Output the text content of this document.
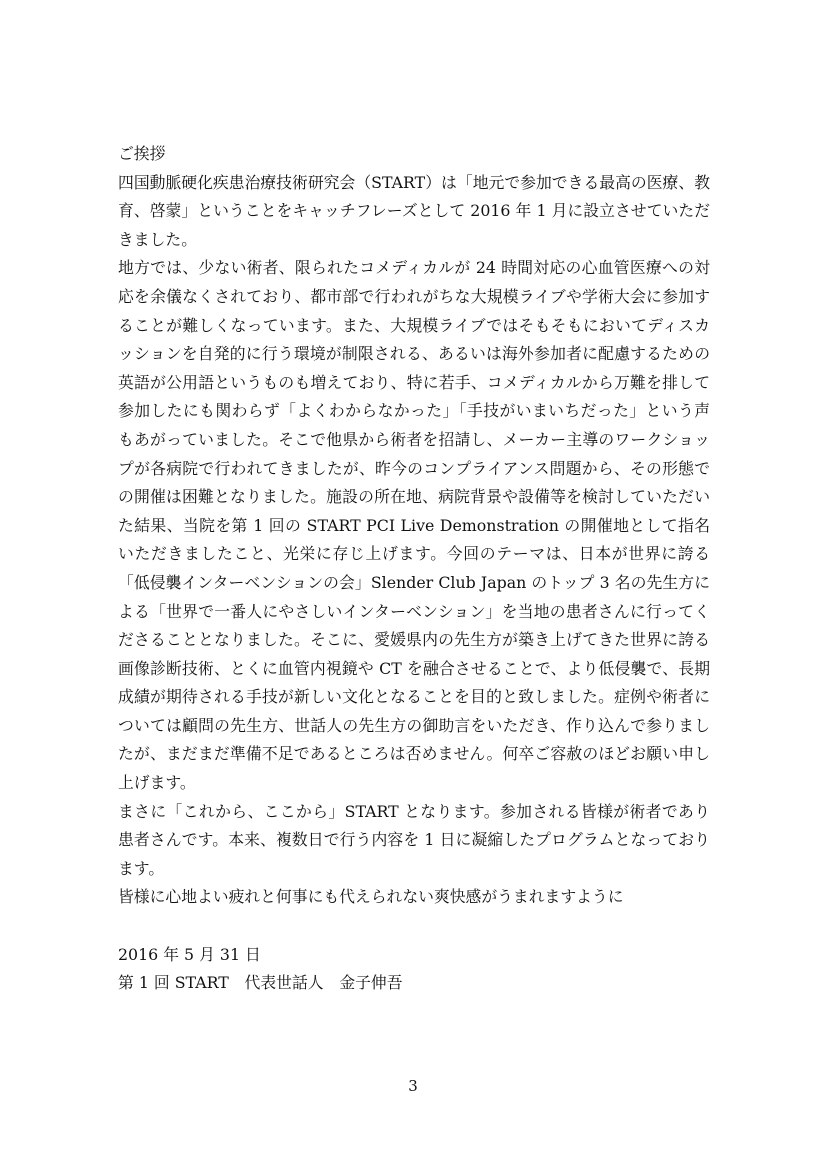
ご挨拶

四国動脈硬化疾患治療技術研究会（START）は「地元で参加できる最高の医療、教育、啓蒙」ということをキャッチフレーズとして 2016 年 1 月に設立させていただきました。

地方では、少ない術者、限られたコメディカルが 24 時間対応の心血管医療への対応を余儀なくされており、都市部で行われがちな大規模ライブや学術大会に参加することが難しくなっています。また、大規模ライブではそもそもにおいてディスカッションを自発的に行う環境が制限される、あるいは海外参加者に配慮するための英語が公用語というものも増えており、特に若手、コメディカルから万難を排して参加したにも関わらず「よくわからなかった」「手技がいまいちだった」という声もあがっていました。そこで他県から術者を招請し、メーカー主導のワークショップが各病院で行われてきましたが、昨今のコンプライアンス問題から、その形態での開催は困難となりました。施設の所在地、病院背景や設備等を検討していただいた結果、当院を第 1 回の START PCI Live Demonstration の開催地として指名いただきましたこと、光栄に存じ上げます。今回のテーマは、日本が世界に誇る「低侵襲インターベンションの会」Slender Club Japan のトップ 3 名の先生方による「世界で一番人にやさしいインターベンション」を当地の患者さんに行ってくださることとなりました。そこに、愛媛県内の先生方が築き上げてきた世界に誇る画像診断技術、とくに血管内視鏡や CT を融合させることで、より低侵襲で、長期成績が期待される手技が新しい文化となることを目的と致しました。症例や術者については顧問の先生方、世話人の先生方の御助言をいただき、作り込んで参りましたが、まだまだ準備不足であるところは否めません。何卒ご容赦のほどお願い申し上げます。

まさに「これから、ここから」START となります。参加される皆様が術者であり患者さんです。本来、複数日で行う内容を 1 日に凝縮したプログラムとなっております。

皆様に心地よい疲れと何事にも代えられない爽快感がうまれますように

2016 年 5 月 31 日

第 1 回 START　代表世話人　金子伸吾

3
